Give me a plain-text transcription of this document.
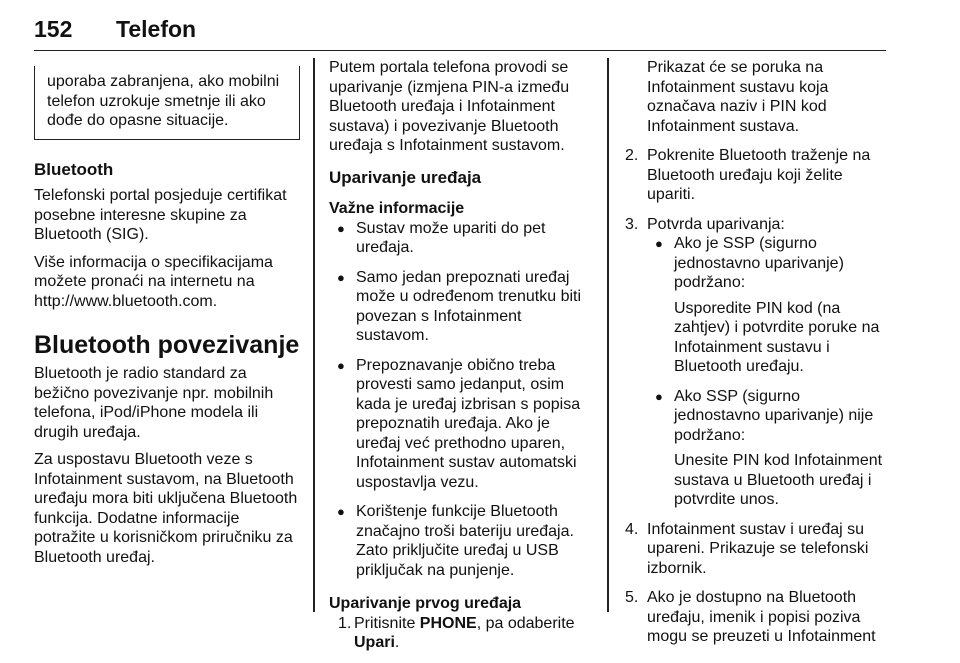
152 Telefon
uporaba zabranjena, ako mobilni telefon uzrokuje smetnje ili ako dođe do opasne situacije.
Bluetooth

Telefonski portal posjeduje certifikat posebne interesne skupine za Bluetooth (SIG).

Više informacija o specifikacijama možete pronaći na internetu na http://www.bluetooth.com.

Bluetooth povezivanje

Bluetooth je radio standard za bežično povezivanje npr. mobilnih telefona, iPod/iPhone modela ili drugih uređaja.

Za uspostavu Bluetooth veze s Infotainment sustavom, na Bluetooth uređaju mora biti uključena Bluetooth funkcija. Dodatne informacije potražite u korisničkom priručniku za Bluetooth uređaj.

Putem portala telefona provodi se uparivanje (izmjena PIN-a između Bluetooth uređaja i Infotainment sustava) i povezivanje Bluetooth uređaja s Infotainment sustavom.

Uparivanje uređaja

Važne informacije

● Sustav može upariti do pet uređaja.
● Samo jedan prepoznati uređaj može u određenom trenutku biti povezan s Infotainment sustavom.
● Prepoznavanje obično treba provesti samo jedanput, osim kada je uređaj izbrisan s popisa prepoznatih uređaja. Ako je uređaj već prethodno uparen, Infotainment sustav automatski uspostavlja vezu.
● Korištenje funkcije Bluetooth značajno troši bateriju uređaja. Zato priključite uređaj u USB priključak na punjenje.

Uparivanje prvog uređaja

1. Pritisnite PHONE, pa odaberite Upari.

Prikazat će se poruka na Infotainment sustavu koja označava naziv i PIN kod Infotainment sustava.

2. Pokrenite Bluetooth traženje na Bluetooth uređaju koji želite upariti.
3. Potvrda uparivanja:

● Ako je SSP (sigurno jednostavno uparivanje) podržano:

Usporedite PIN kod (na zahtjev) i potvrdite poruke na Infotainment sustavu i Bluetooth uređaju.

● Ako SSP (sigurno jednostavno uparivanje) nije podržano:

Unesite PIN kod Infotainment sustava u Bluetooth uređaj i potvrdite unos.

4. Infotainment sustav i uređaj su upareni. Prikazuje se telefonski izbornik.
5. Ako je dostupno na Bluetooth uređaju, imenik i popisi poziva mogu se preuzeti u Infotainment
